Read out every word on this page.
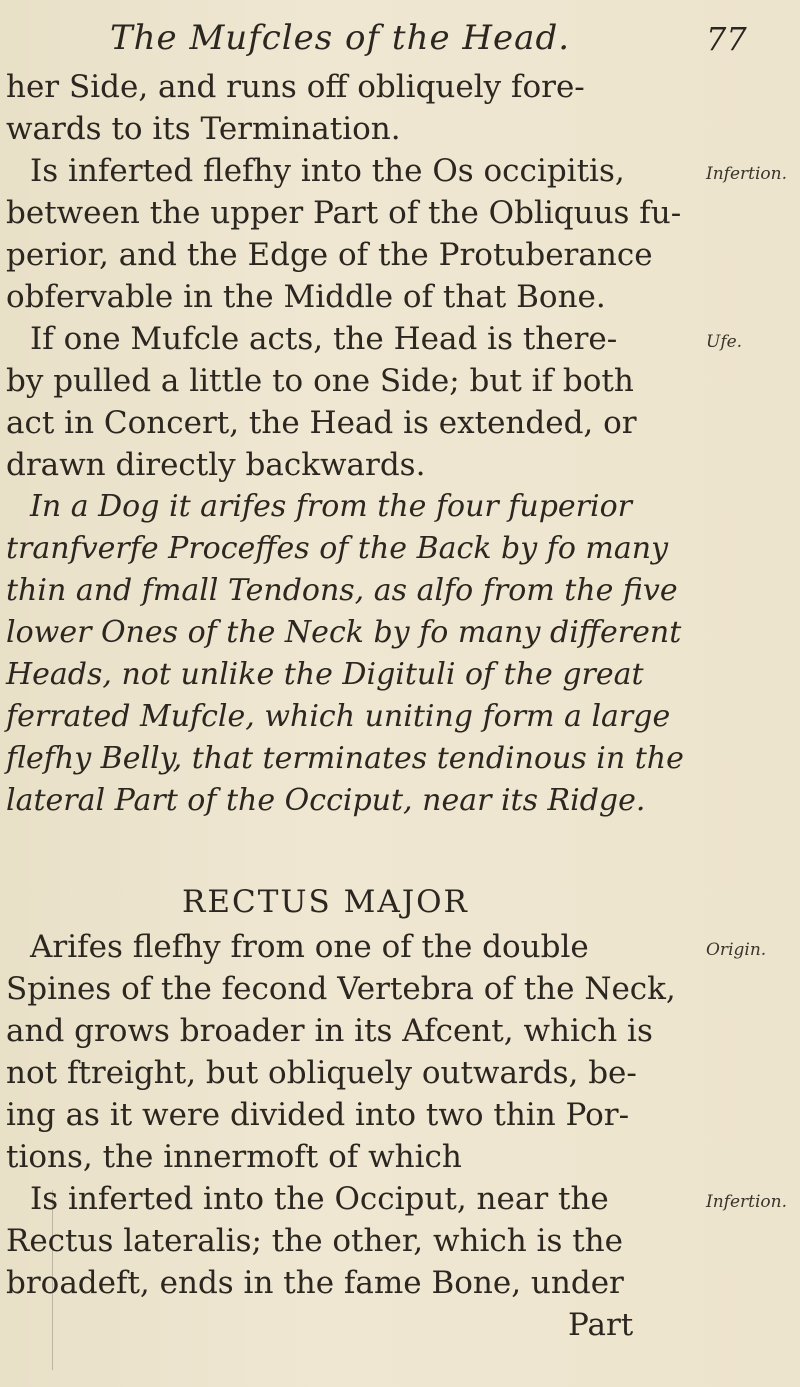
The Mufcles of the Head.	77
her Side, and runs off obliquely fore-
wards to its Termination.
Is inferted flefhy into the Os occipitis,
between the upper Part of the Obliquus fu-
perior, and the Edge of the Protuberance
obfervable in the Middle of that Bone.
If one Mufcle acts, the Head is there-
by pulled a little to one Side; but if both
act in Concert, the Head is extended, or
drawn directly backwards.
In a Dog it arifes from the four fuperior
tranfverfe Proceffes of the Back by fo many
thin and fmall Tendons, as alfo from the five
lower Ones of the Neck by fo many different
Heads, not unlike the Digituli of the great
ferrated Mufcle, which uniting form a large
flefhy Belly, that terminates tendinous in the
lateral Part of the Occiput, near its Ridge.
RECTUS MAJOR
Arifes flefhy from one of the double
Spines of the fecond Vertebra of the Neck,
and grows broader in its Afcent, which is
not ftreight, but obliquely outwards, be-
ing as it were divided into two thin Por-
tions, the innermoft of which
Is inferted into the Occiput, near the
Rectus lateralis; the other, which is the
broadeft, ends in the fame Bone, under
Part
Infertion.
Ufe.
Origin.
Infertion.
